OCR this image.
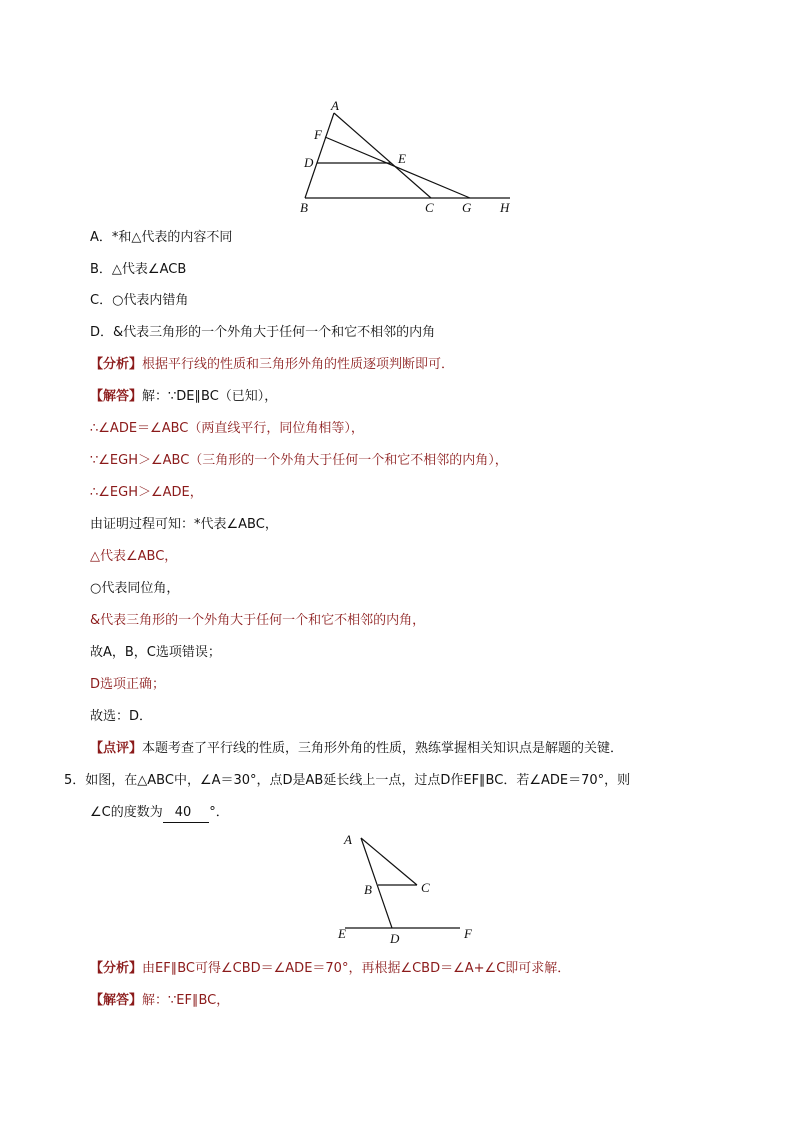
A
F
D	E
B	C G H
A．*和△代表的内容不同
B．△代表∠ACB
C．○代表内错角
D．&代表三角形的一个外角大于任何一个和它不相邻的内角
【分析】根据平行线的性质和三角形外角的性质逐项判断即可．
【解答】解：∵DE∥BC（已知），
∴∠ADE＝∠ABC（两直线平行，同位角相等），
∵∠EGH＞∠ABC（三角形的一个外角大于任何一个和它不相邻的内角），
∴∠EGH＞∠ADE，
由证明过程可知：*代表∠ABC，
△代表∠ABC，
○代表同位角，
&代表三角形的一个外角大于任何一个和它不相邻的内角，
故A，B，C选项错误；
D选项正确；
故选：D．
【点评】本题考查了平行线的性质，三角形外角的性质，熟练掌握相关知识点是解题的关键．
5．如图，在△ABC中，∠A＝30°，点D是AB延长线上一点，过点D作EF∥BC．若∠ADE＝70°，则
∠C的度数为 40 °．
A
B	C
E	D	F
【分析】由EF∥BC可得∠CBD＝∠ADE＝70°，再根据∠CBD＝∠A+∠C即可求解．
【解答】解：∵EF∥BC，
